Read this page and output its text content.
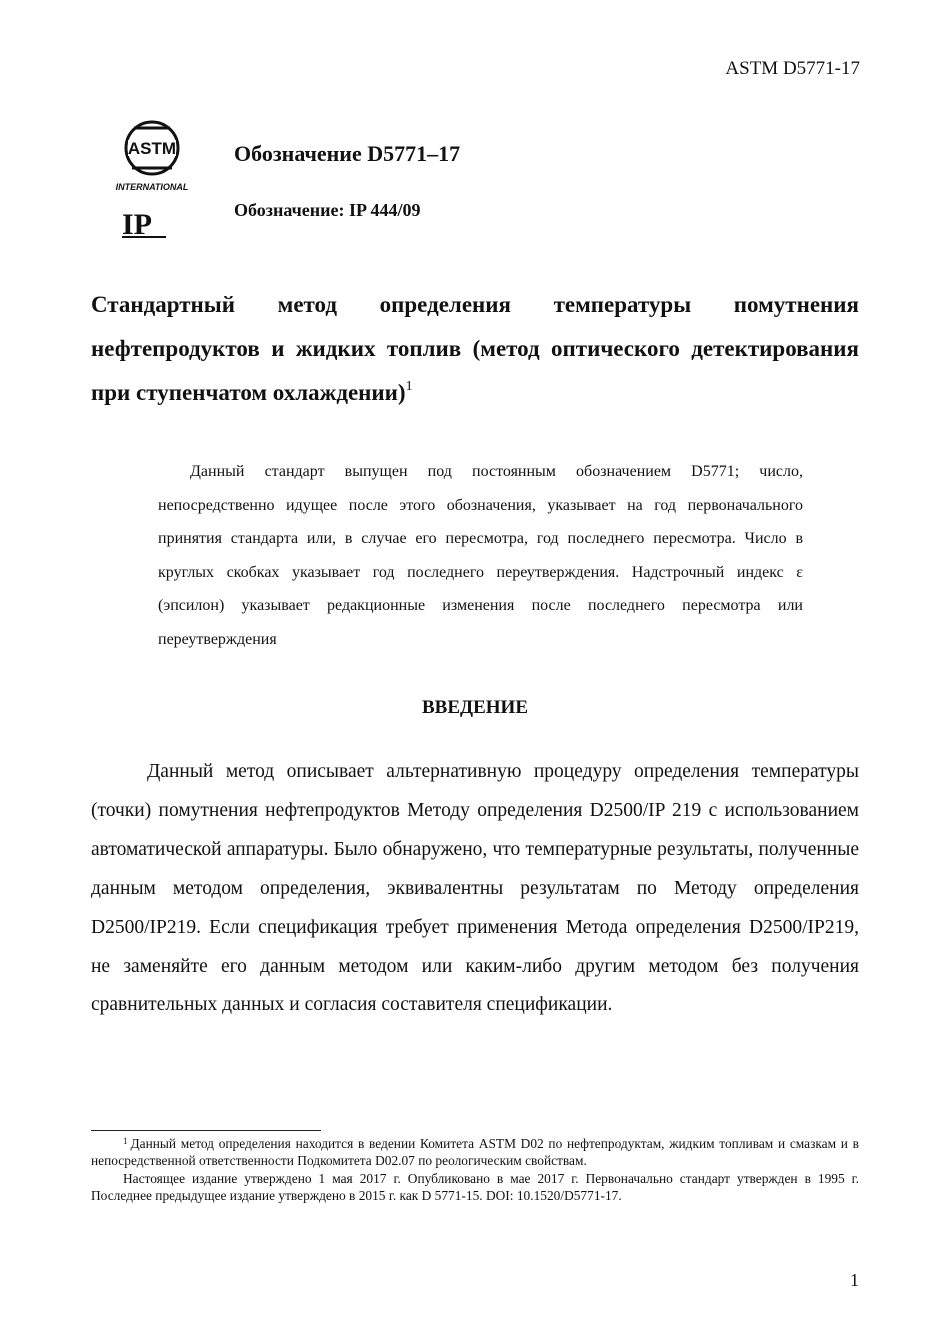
ASTM D5771-17
ASTM
INTERNATIONAL
IP
Обозначение D5771–17
Обозначение: IP 444/09
Стандартный метод определения температуры помутнения нефтепродуктов и жидких топлив (метод оптического детектирования при ступенчатом охлаждении)$^1$
Данный стандарт выпущен под постоянным обозначением D5771; число, непосредственно идущее после этого обозначения, указывает на год первоначального принятия стандарта или, в случае его пересмотра, год последнего пересмотра. Число в круглых скобках указывает год последнего переутверждения. Надстрочный индекс ε (эпсилон) указывает редакционные изменения после последнего пересмотра или переутверждения
ВВЕДЕНИЕ
Данный метод описывает альтернативную процедуру определения температуры (точки) помутнения нефтепродуктов Методу определения D2500/IP 219 с использованием автоматической аппаратуры. Было обнаружено, что температурные результаты, полученные данным методом определения, эквивалентны результатам по Методу определения D2500/IP219. Если спецификация требует применения Метода определения D2500/IP219, не заменяйте его данным методом или каким-либо другим методом без получения сравнительных данных и согласия составителя спецификации.

$^1$ Данный метод определения находится в ведении Комитета ASTM D02 по нефтепродуктам, жидким топливам и смазкам и в непосредственной ответственности Подкомитета D02.07 по реологическим свойствам.

Настоящее издание утверждено 1 мая 2017 г. Опубликовано в мае 2017 г. Первоначально стандарт утвержден в 1995 г. Последнее предыдущее издание утверждено в 2015 г. как D 5771-15. DOI: 10.1520/D5771-17.

1
